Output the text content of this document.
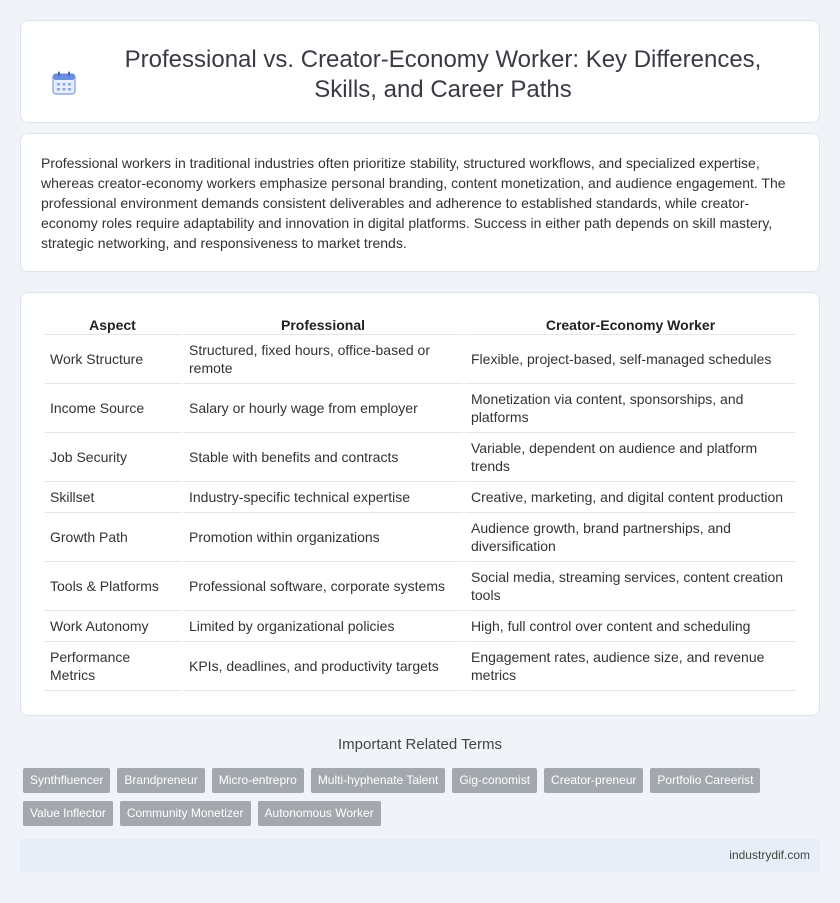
Professional vs. Creator-Economy Worker: Key Differences, Skills, and Career Paths

Professional workers in traditional industries often prioritize stability, structured workflows, and specialized expertise, whereas creator-economy workers emphasize personal branding, content monetization, and audience engagement. The professional environment demands consistent deliverables and adherence to established standards, while creator-economy roles require adaptability and innovation in digital platforms. Success in either path depends on skill mastery, strategic networking, and responsiveness to market trends.

Aspect	Professional	Creator-Economy Worker
Work Structure	Structured, fixed hours, office-based or remote	Flexible, project-based, self-managed schedules
Income Source	Salary or hourly wage from employer	Monetization via content, sponsorships, and platforms
Job Security	Stable with benefits and contracts	Variable, dependent on audience and platform trends
Skillset	Industry-specific technical expertise	Creative, marketing, and digital content production
Growth Path	Promotion within organizations	Audience growth, brand partnerships, and diversification
Tools & Platforms	Professional software, corporate systems	Social media, streaming services, content creation tools
Work Autonomy	Limited by organizational policies	High, full control over content and scheduling
Performance Metrics	KPIs, deadlines, and productivity targets	Engagement rates, audience size, and revenue metrics
Important Related Terms
Synthfluencer	Brandpreneur	Micro-entrepro	Multi-hyphenate Talent	Gig-conomist	Creator-preneur	Portfolio Careerist
Value Inflector	Community Monetizer	Autonomous Worker
industrydif.com
